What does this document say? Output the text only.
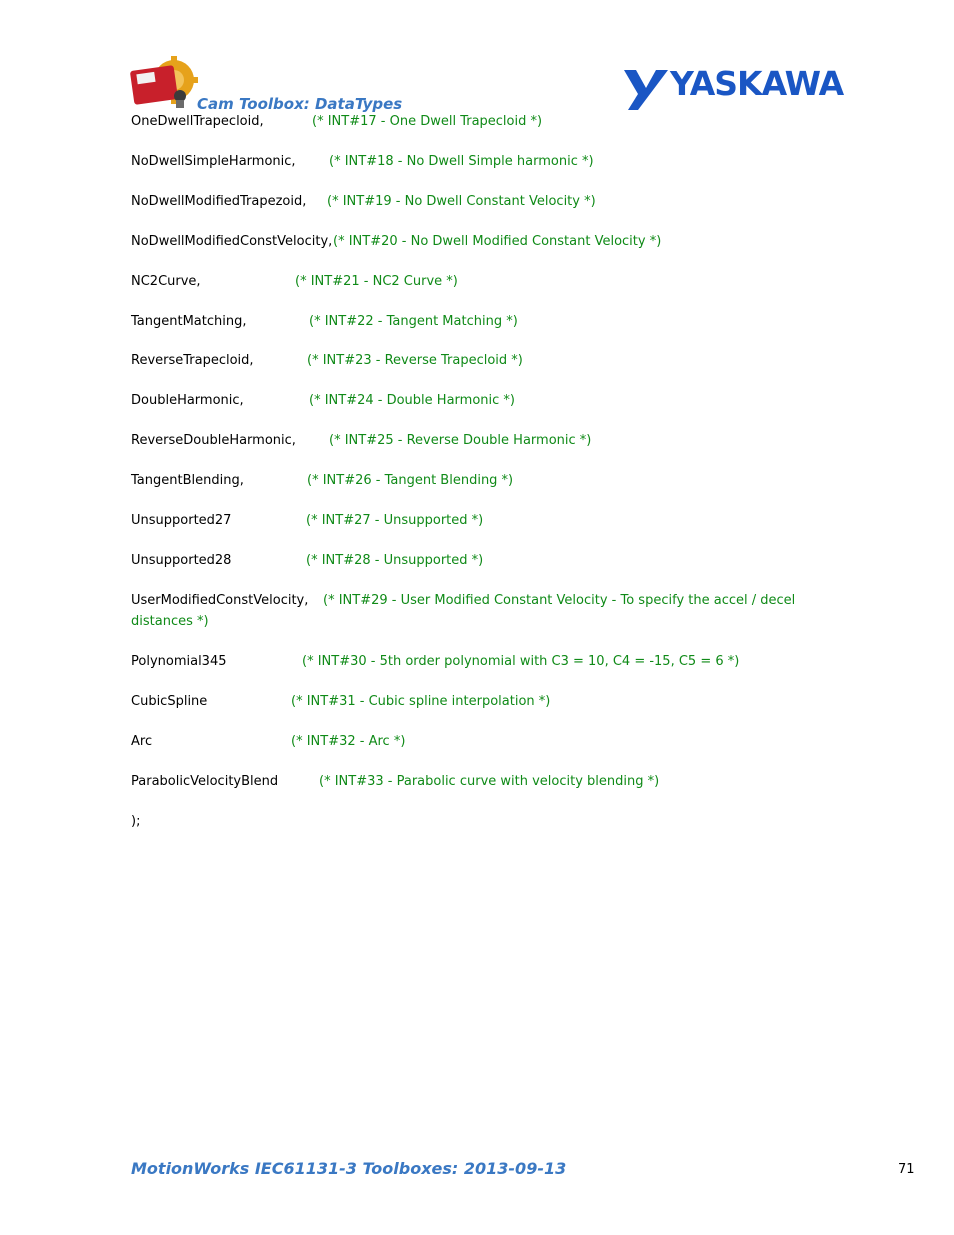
Cam Toolbox: DataTypes
YASKAWA
OneDwellTrapecloid,	(* INT#17 - One Dwell Trapecloid *)
NoDwellSimpleHarmonic,	(* INT#18 - No Dwell Simple harmonic *)
NoDwellModifiedTrapezoid, (* INT#19 - No Dwell Constant Velocity *)
NoDwellModifiedConstVelocity, (* INT#20 - No Dwell Modified Constant Velocity *)
NC2Curve,	(* INT#21 - NC2 Curve *)
TangentMatching,	(* INT#22 - Tangent Matching *)
ReverseTrapecloid,	(* INT#23 - Reverse Trapecloid *)
DoubleHarmonic,	(* INT#24 - Double Harmonic *)
ReverseDoubleHarmonic,	(* INT#25 - Reverse Double Harmonic *)
TangentBlending,	(* INT#26 - Tangent Blending *)
Unsupported27	(* INT#27 - Unsupported *)
Unsupported28	(* INT#28 - Unsupported *)
UserModifiedConstVelocity, (* INT#29 - User Modified Constant Velocity - To specify the accel / decel
distances *)
Polynomial345	(* INT#30 - 5th order polynomial with C3 = 10, C4 = -15, C5 = 6 *)
CubicSpline	(* INT#31 - Cubic spline interpolation *)
Arc	(* INT#32 - Arc *)
ParabolicVelocityBlend	(* INT#33 - Parabolic curve with velocity blending *)
);
MotionWorks IEC61131-3 Toolboxes: 2013-09-13	71
